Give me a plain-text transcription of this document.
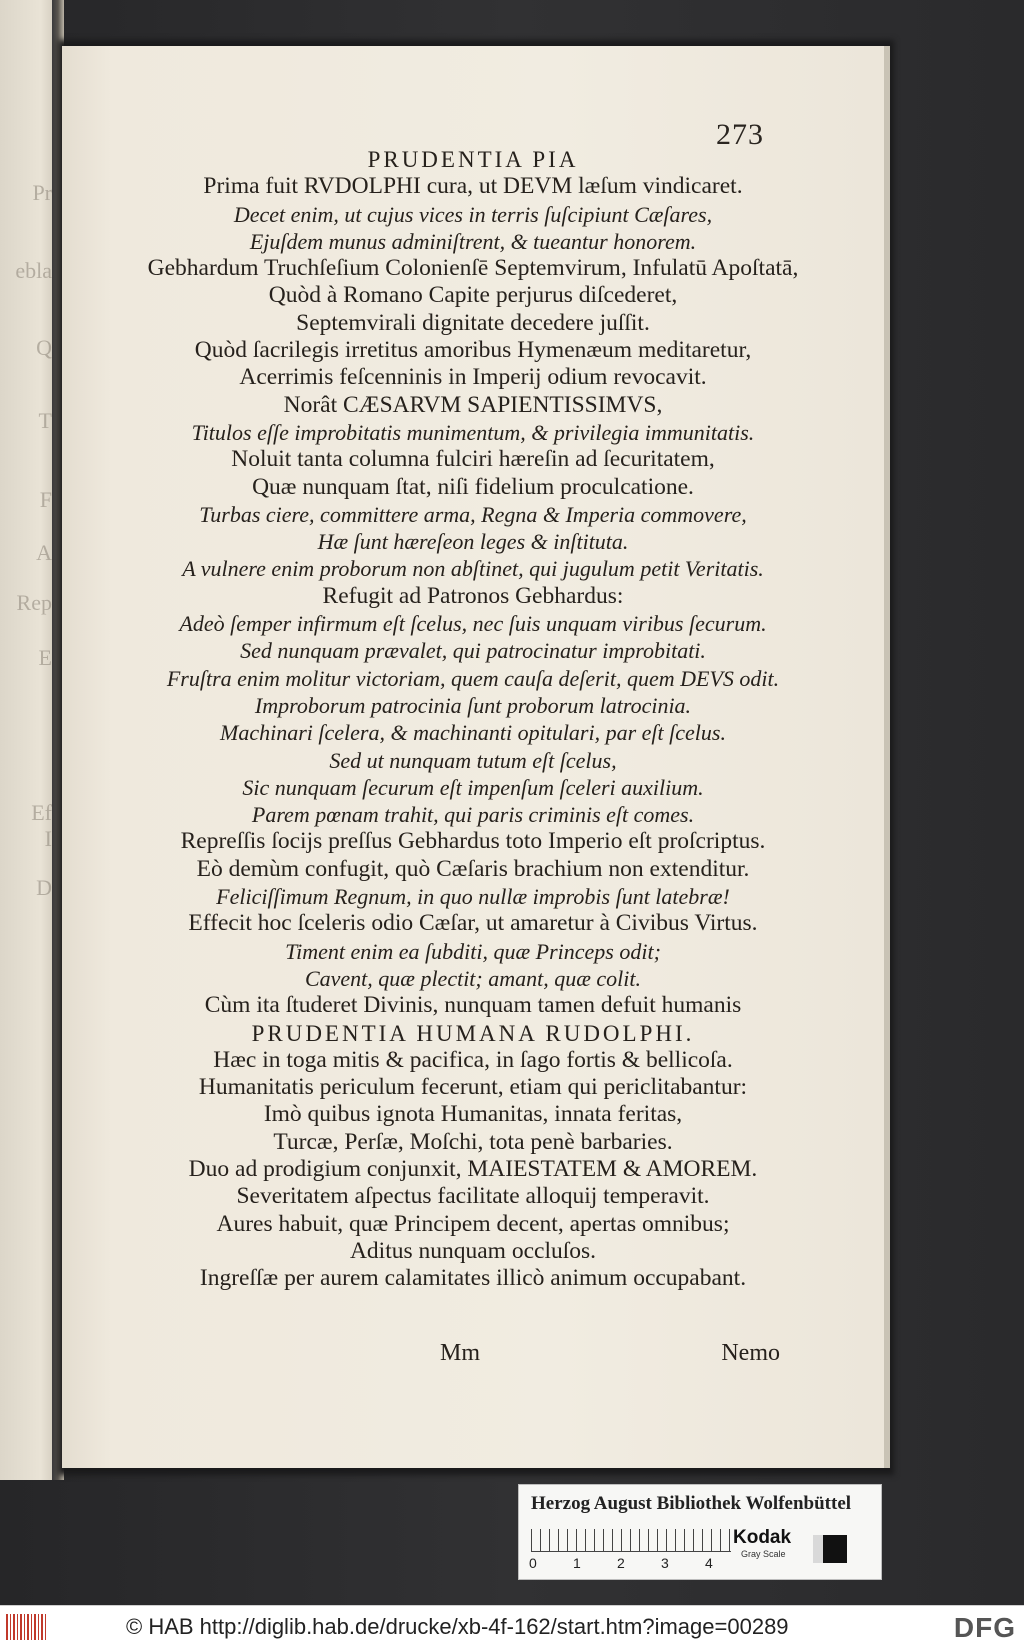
Pr
ebla
Q
T
F
A
Rep
E
Ef
I
D
273
PRUDENTIA PIA
Prima fuit RVDOLPHI cura, ut DEVM læſum vindicaret.
Decet enim, ut cujus vices in terris ſuſcipiunt Cæſares,
Ejuſdem munus adminiſtrent, & tueantur honorem.
Gebhardum Truchſeſium Colonienſē Septemvirum, Infulatū Apoſtatā,
Quòd à Romano Capite perjurus diſcederet,
Septemvirali dignitate decedere juſſit.
Quòd ſacrilegis irretitus amoribus Hymenæum meditaretur,
Acerrimis feſcenninis in Imperij odium revocavit.
Norât CÆSARVM SAPIENTISSIMVS,
Titulos eſſe improbitatis munimentum, & privilegia immunitatis.
Noluit tanta columna fulciri hæreſin ad ſecuritatem,
Quæ nunquam ſtat, niſi fidelium proculcatione.
Turbas ciere, committere arma, Regna & Imperia commovere,
Hæ ſunt hæreſeon leges & inſtituta.
A vulnere enim proborum non abſtinet, qui jugulum petit Veritatis.
Refugit ad Patronos Gebhardus:
Adeò ſemper infirmum eſt ſcelus, nec ſuis unquam viribus ſecurum.
Sed nunquam prævalet, qui patrocinatur improbitati.
Fruſtra enim molitur victoriam, quem cauſa deſerit, quem DEVS odit.
Improborum patrocinia ſunt proborum latrocinia.
Machinari ſcelera, & machinanti opitulari, par eſt ſcelus.
Sed ut nunquam tutum eſt ſcelus,
Sic nunquam ſecurum eſt impenſum ſceleri auxilium.
Parem pœnam trahit, qui paris criminis eſt comes.
Repreſſis ſocijs preſſus Gebhardus toto Imperio eſt proſcriptus.
Eò demùm confugit, quò Cæſaris brachium non extenditur.
Feliciſſimum Regnum, in quo nullæ improbis ſunt latebræ!
Effecit hoc ſceleris odio Cæſar, ut amaretur à Civibus Virtus.
Timent enim ea ſubditi, quæ Princeps odit;
Cavent, quæ plectit; amant, quæ colit.
Cùm ita ſtuderet Divinis, nunquam tamen defuit humanis
PRUDENTIA HUMANA RUDOLPHI.
Hæc in toga mitis & pacifica, in ſago fortis & bellicoſa.
Humanitatis periculum fecerunt, etiam qui periclitabantur:
Imò quibus ignota Humanitas, innata feritas,
Turcæ, Perſæ, Moſchi, tota penè barbaries.
Duo ad prodigium conjunxit, MAIESTATEM & AMOREM.
Severitatem aſpectus facilitate alloquij temperavit.
Aures habuit, quæ Principem decent, apertas omnibus;
Aditus nunquam occluſos.
Ingreſſæ per aurem calamitates illicò animum occupabant.
Mm	Nemo
Herzog August Bibliothek Wolfenbüttel
0	1	2	3	4
Kodak
Gray Scale
© HAB http://diglib.hab.de/drucke/xb-4f-162/start.htm?image=00289	DFG
